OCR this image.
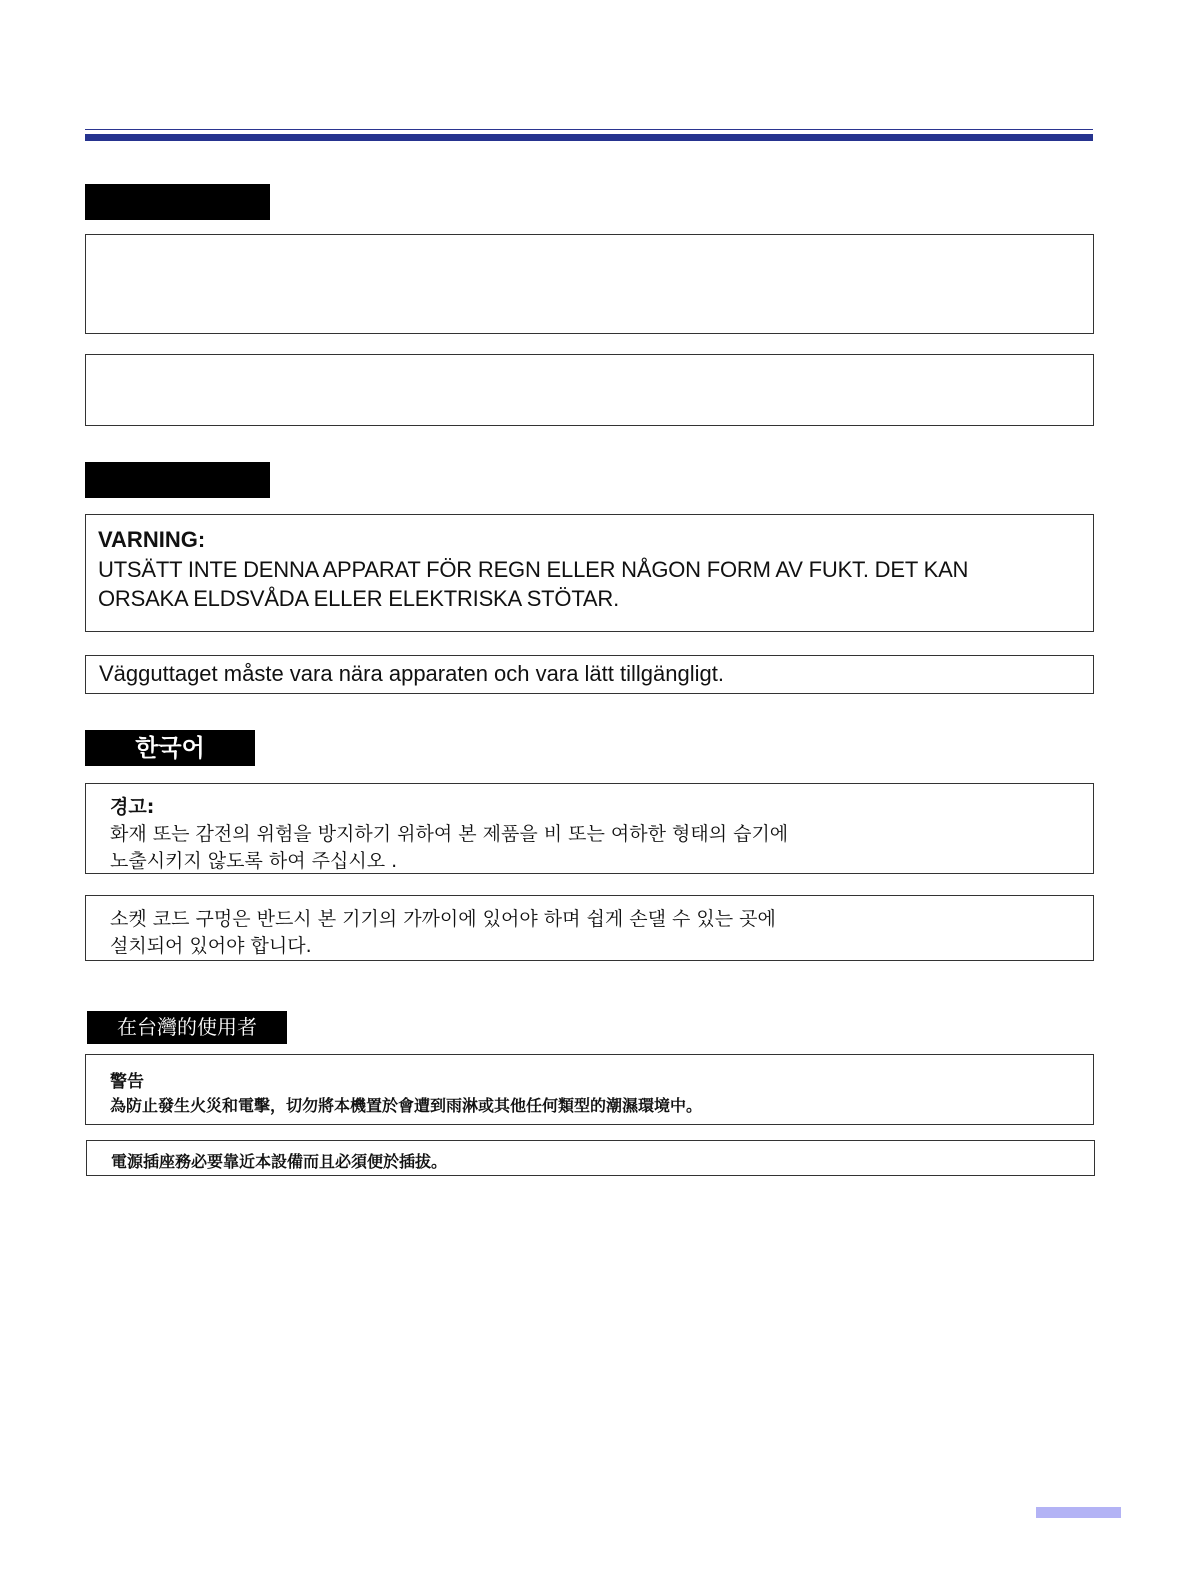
VARNING:
UTSÄTT INTE DENNA APPARAT FÖR REGN ELLER NÅGON FORM AV FUKT. DET KAN
ORSAKA ELDSVÅDA ELLER ELEKTRISKA STÖTAR.
Vägguttaget måste vara nära apparaten och vara lätt tillgängligt.
한국어
경고:
화재 또는 감전의 위험을 방지하기 위하여 본 제품을 비 또는 여하한 형태의 습기에
노출시키지 않도록 하여 주십시오 .
소켓 코드 구멍은 반드시 본 기기의 가까이에 있어야 하며 쉽게 손댈 수 있는 곳에
설치되어 있어야 합니다.
在台灣的使用者
警告
為防止發生火災和電擊，切勿將本機置於會遭到雨淋或其他任何類型的潮濕環境中。
電源插座務必要靠近本設備而且必須便於插拔。
